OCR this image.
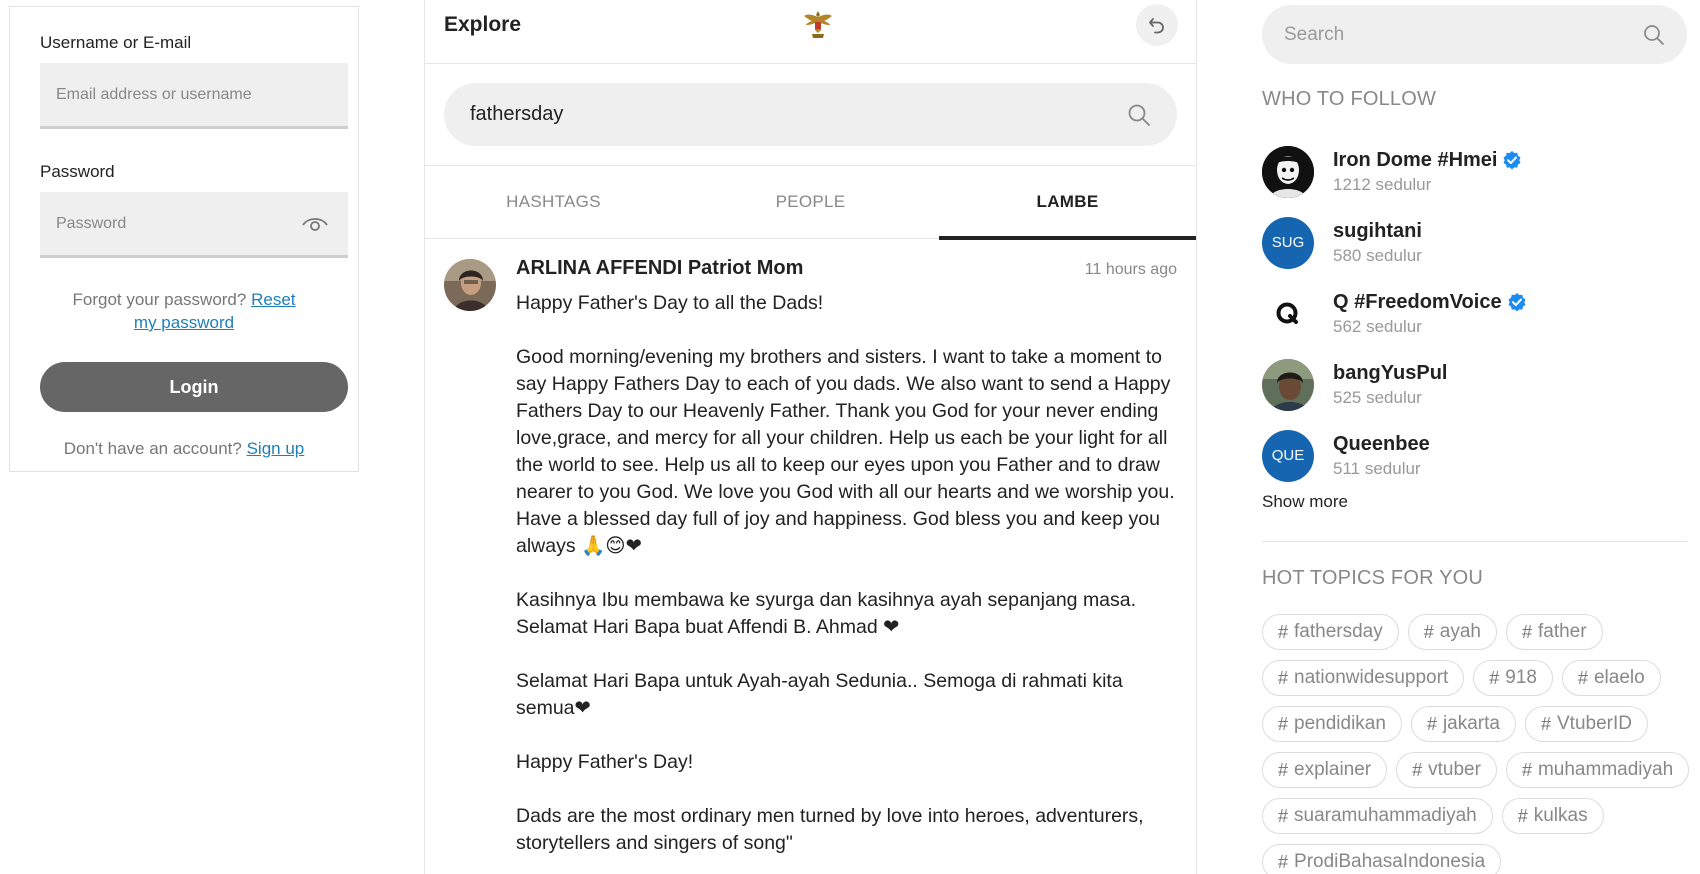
Username or E-mail
Email address or username
Password
Forgot your password? Reset my password
Login
Don't have an account? Sign up
Explore
fathersday
HASHTAGS	PEOPLE	LAMBE
ARLINA AFFENDI Patriot Mom	11 hours ago
Happy Father's Day to all the Dads!

Good morning/evening my brothers and sisters. I want to take a moment to say Happy Fathers Day to each of you dads. We also want to send a Happy Fathers Day to our Heavenly Father. Thank you God for your never ending love,grace, and mercy for all your children. Help us each be your light for all the world to see. Help us all to keep our eyes upon you Father and to draw nearer to you God. We love you God with all our hearts and we worship you. Have a blessed day full of joy and happiness. God bless you and keep you always 🙏😊❤

Kasihnya Ibu membawa ke syurga dan kasihnya ayah sepanjang masa. Selamat Hari Bapa buat Affendi B. Ahmad ❤

Selamat Hari Bapa untuk Ayah-ayah Sedunia.. Semoga di rahmati kita semua❤

Happy Father's Day!

Dads are the most ordinary men turned by love into heroes, adventurers, storytellers and singers of song"
Search
WHO TO FOLLOW
Iron Dome #Hmei
1212 sedulur
SUG
sugihtani
580 sedulur
Q #FreedomVoice
562 sedulur
bangYusPul
525 sedulur
QUE
Queenbee
511 sedulur
Show more
HOT TOPICS FOR YOU
# fathersday # ayah # father
# nationwidesupport # 918 # elaelo
# pendidikan # jakarta # VtuberID
# explainer # vtuber # muhammadiyah
# suaramuhammadiyah # kulkas
# ProdiBahasaIndonesia
